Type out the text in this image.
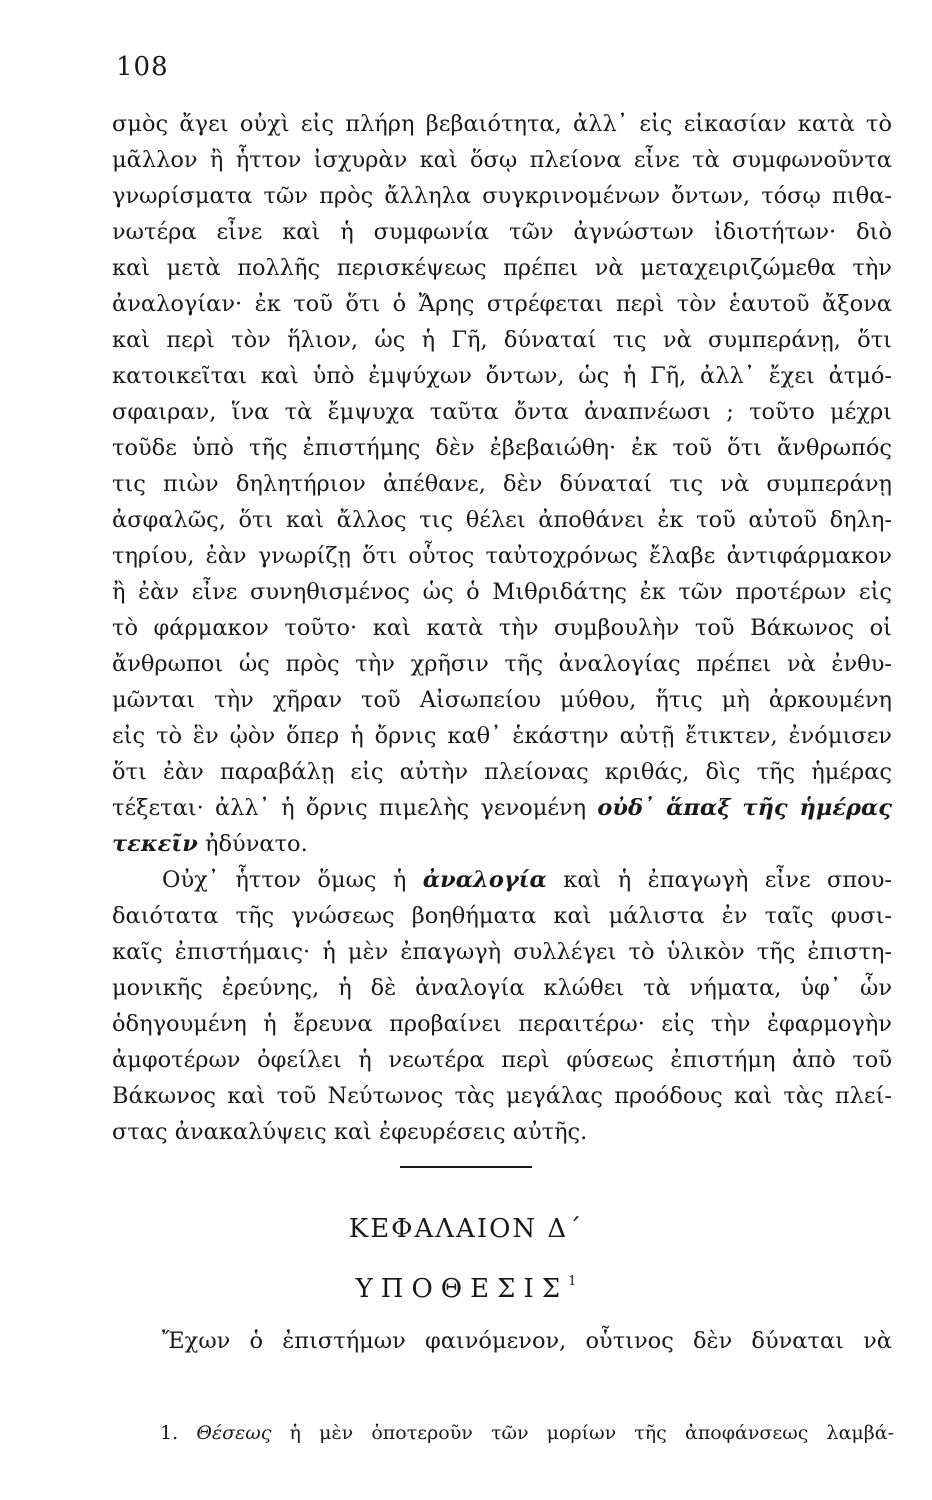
108
σμὸς ἄγει οὐχὶ εἰς πλήρη βεβαιότητα, ἀλλ᾽ εἰς εἰκασίαν κατὰ τὸ
μᾶλλον ἢ ἧττον ἰσχυρὰν καὶ ὅσῳ πλείονα εἶνε τὰ συμφωνοῦντα
γνωρίσματα τῶν πρὸς ἄλληλα συγκρινομένων ὄντων, τόσῳ πιθα-
νωτέρα εἶνε καὶ ἡ συμφωνία τῶν ἀγνώστων ἰδιοτήτων· διὸ
καὶ μετὰ πολλῆς περισκέψεως πρέπει νὰ μεταχειριζώμεθα τὴν
ἀναλογίαν· ἐκ τοῦ ὅτι ὁ Ἄρης στρέφεται περὶ τὸν ἑαυτοῦ ἄξονα
καὶ περὶ τὸν ἥλιον, ὡς ἡ Γῆ, δύναταί τις νὰ συμπεράνῃ, ὅτι
κατοικεῖται καὶ ὑπὸ ἐμψύχων ὄντων, ὡς ἡ Γῆ, ἀλλ᾽ ἔχει ἀτμό-
σφαιραν, ἵνα τὰ ἔμψυχα ταῦτα ὄντα ἀναπνέωσι ; τοῦτο μέχρι
τοῦδε ὑπὸ τῆς ἐπιστήμης δὲν ἐβεβαιώθη· ἐκ τοῦ ὅτι ἄνθρωπός
τις πιὼν δηλητήριον ἀπέθανε, δὲν δύναταί τις νὰ συμπεράνῃ
ἀσφαλῶς, ὅτι καὶ ἄλλος τις θέλει ἀποθάνει ἐκ τοῦ αὐτοῦ δηλη-
τηρίου, ἐὰν γνωρίζῃ ὅτι οὗτος ταὐτοχρόνως ἔλαβε ἀντιφάρμακον
ἢ ἐὰν εἶνε συνηθισμένος ὡς ὁ Μιθριδάτης ἐκ τῶν προτέρων εἰς
τὸ φάρμακον τοῦτο· καὶ κατὰ τὴν συμβουλὴν τοῦ Βάκωνος οἱ
ἄνθρωποι ὡς πρὸς τὴν χρῆσιν τῆς ἀναλογίας πρέπει νὰ ἐνθυ-
μῶνται τὴν χῆραν τοῦ Αἰσωπείου μύθου, ἥτις μὴ ἀρκουμένη
εἰς τὸ ἓν ᾠὸν ὅπερ ἡ ὄρνις καθ᾽ ἑκάστην αὐτῇ ἔτικτεν, ἐνόμισεν
ὅτι ἐὰν παραβάλῃ εἰς αὐτὴν πλείονας κριθάς, δὶς τῆς ἡμέρας
τέξεται· ἀλλ᾽ ἡ ὄρνις πιμελὴς γενομένη οὐδ᾽ ἅπαξ τῆς ἡμέρας
τεκεῖν ἠδύνατο.
Οὐχ᾽ ἧττον ὅμως ἡ ἀναλογία καὶ ἡ ἐπαγωγὴ εἶνε σπου-
δαιότατα τῆς γνώσεως βοηθήματα καὶ μάλιστα ἐν ταῖς φυσι-
καῖς ἐπιστήμαις· ἡ μὲν ἐπαγωγὴ συλλέγει τὸ ὑλικὸν τῆς ἐπιστη-
μονικῆς ἐρεύνης, ἡ δὲ ἀναλογία κλώθει τὰ νήματα, ὑφ᾽ ὧν
ὁδηγουμένη ἡ ἔρευνα προβαίνει περαιτέρω· εἰς τὴν ἐφαρμογὴν
ἀμφοτέρων ὀφείλει ἡ νεωτέρα περὶ φύσεως ἐπιστήμη ἀπὸ τοῦ
Βάκωνος καὶ τοῦ Νεύτωνος τὰς μεγάλας προόδους καὶ τὰς πλεί-
στας ἀνακαλύψεις καὶ ἐφευρέσεις αὐτῆς.
ΚΕΦΑΛΑΙΟΝ Δ΄
ΥΠΟΘΕΣΙΣ$^1$
Ἔχων ὁ ἐπιστήμων φαινόμενον, οὗτινος δὲν δύναται νὰ
1. Θέσεως ἡ μὲν ὁποτεροῦν τῶν μορίων τῆς ἀποφάνσεως λαμβά-
